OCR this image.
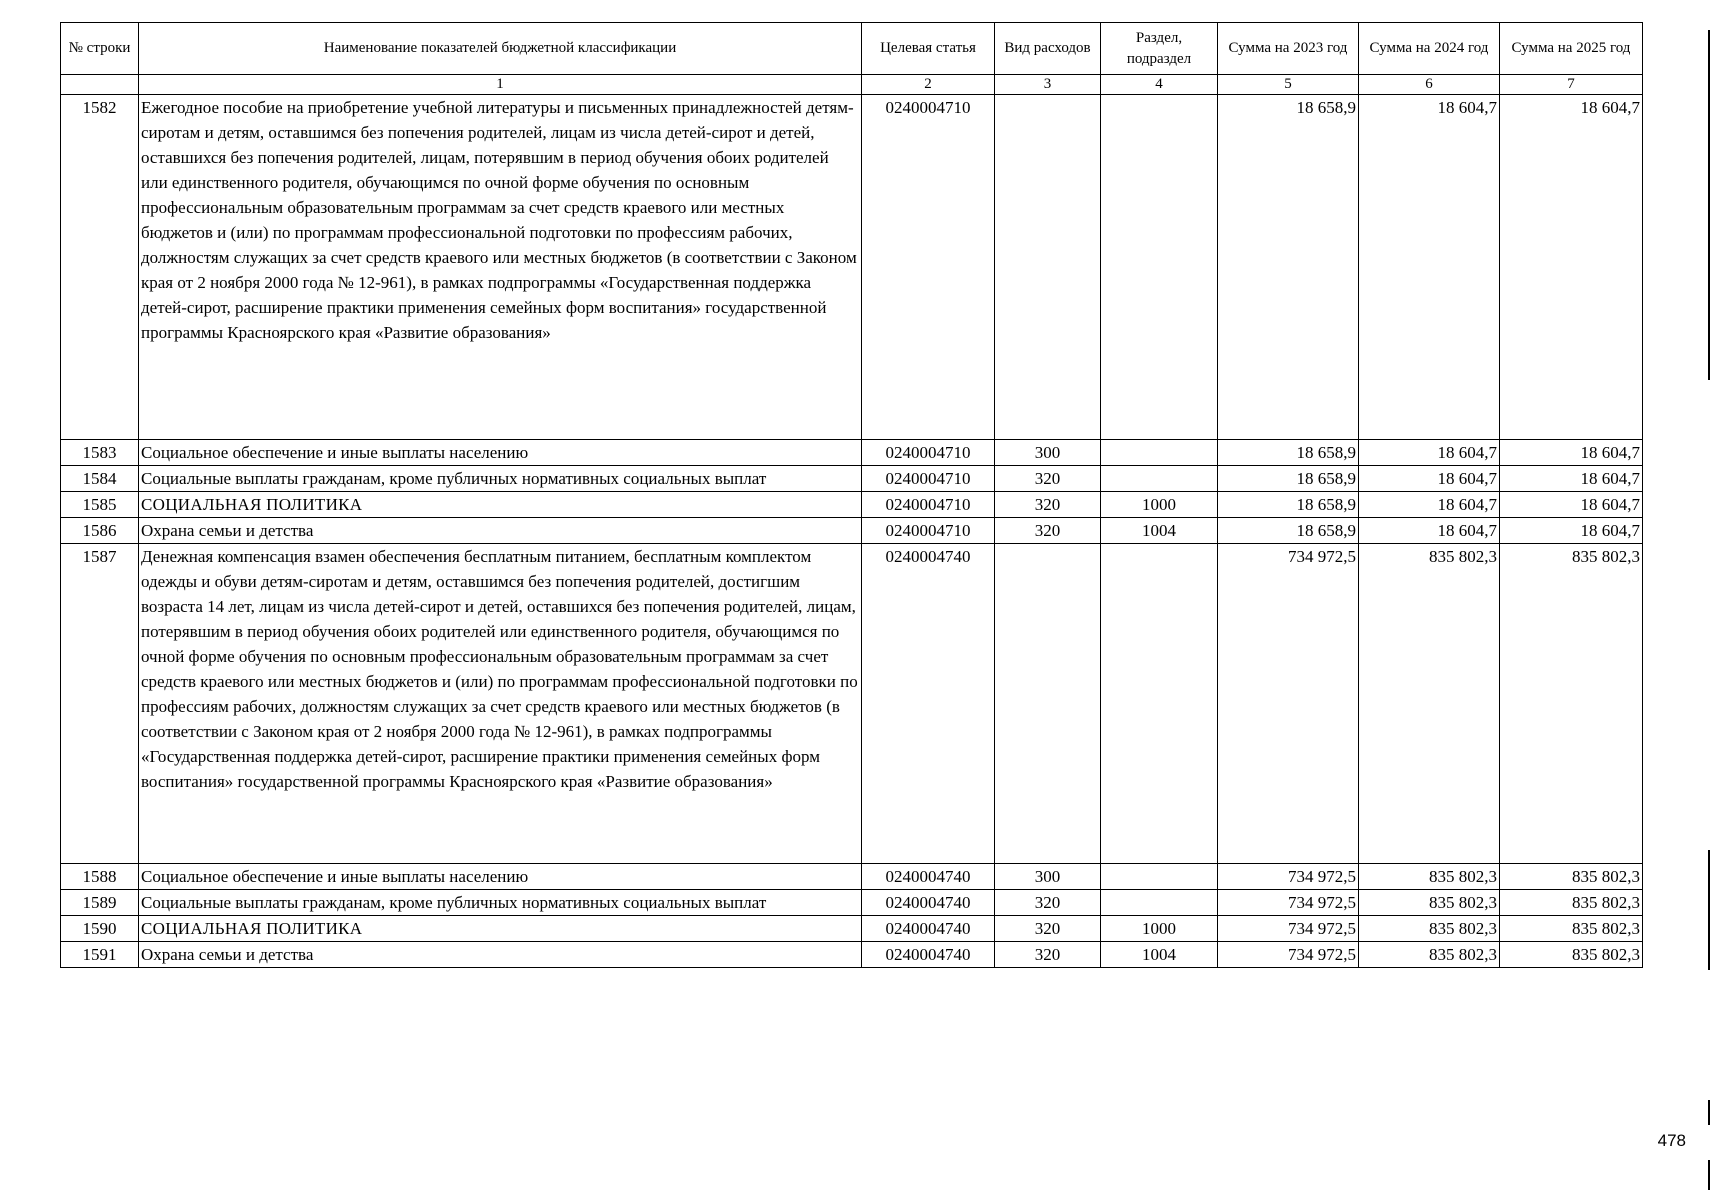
№ строки	Наименование показателей бюджетной классификации	Целевая статья	Вид расходов	Раздел, подраздел	Сумма на 2023 год	Сумма на 2024 год	Сумма на 2025 год
	1	2	3	4	5	6	7
1582	Ежегодное пособие на приобретение учебной литературы и письменных принадлежностей детям-сиротам и детям, оставшимся без попечения родителей, лицам из числа детей-сирот и детей, оставшихся без попечения родителей, лицам, потерявшим в период обучения обоих родителей или единственного родителя, обучающимся по очной форме обучения по основным профессиональным образовательным программам за счет средств краевого или местных бюджетов и (или) по программам профессиональной подготовки по профессиям рабочих, должностям служащих за счет средств краевого или местных бюджетов (в соответствии с Законом края от 2 ноября 2000 года № 12-961), в рамках подпрограммы «Государственная поддержка детей-сирот, расширение практики применения семейных форм воспитания» государственной программы Красноярского края «Развитие образования»	0240004710			18 658,9	18 604,7	18 604,7
1583	Социальное обеспечение и иные выплаты населению	0240004710	300		18 658,9	18 604,7	18 604,7
1584	Социальные выплаты гражданам, кроме публичных нормативных социальных выплат	0240004710	320		18 658,9	18 604,7	18 604,7
1585	СОЦИАЛЬНАЯ ПОЛИТИКА	0240004710	320	1000	18 658,9	18 604,7	18 604,7
1586	Охрана семьи и детства	0240004710	320	1004	18 658,9	18 604,7	18 604,7
1587	Денежная компенсация взамен обеспечения бесплатным питанием, бесплатным комплектом одежды и обуви детям-сиротам и детям, оставшимся без попечения родителей, достигшим возраста 14 лет, лицам из числа детей-сирот и детей, оставшихся без попечения родителей, лицам, потерявшим в период обучения обоих родителей или единственного родителя, обучающимся по очной форме обучения по основным профессиональным образовательным программам за счет средств краевого или местных бюджетов и (или) по программам профессиональной подготовки по профессиям рабочих, должностям служащих за счет средств краевого или местных бюджетов (в соответствии с Законом края от 2 ноября 2000 года № 12-961), в рамках подпрограммы «Государственная поддержка детей-сирот, расширение практики применения семейных форм воспитания» государственной программы Красноярского края «Развитие образования»	0240004740			734 972,5	835 802,3	835 802,3
1588	Социальное обеспечение и иные выплаты населению	0240004740	300		734 972,5	835 802,3	835 802,3
1589	Социальные выплаты гражданам, кроме публичных нормативных социальных выплат	0240004740	320		734 972,5	835 802,3	835 802,3
1590	СОЦИАЛЬНАЯ ПОЛИТИКА	0240004740	320	1000	734 972,5	835 802,3	835 802,3
1591	Охрана семьи и детства	0240004740	320	1004	734 972,5	835 802,3	835 802,3
478
